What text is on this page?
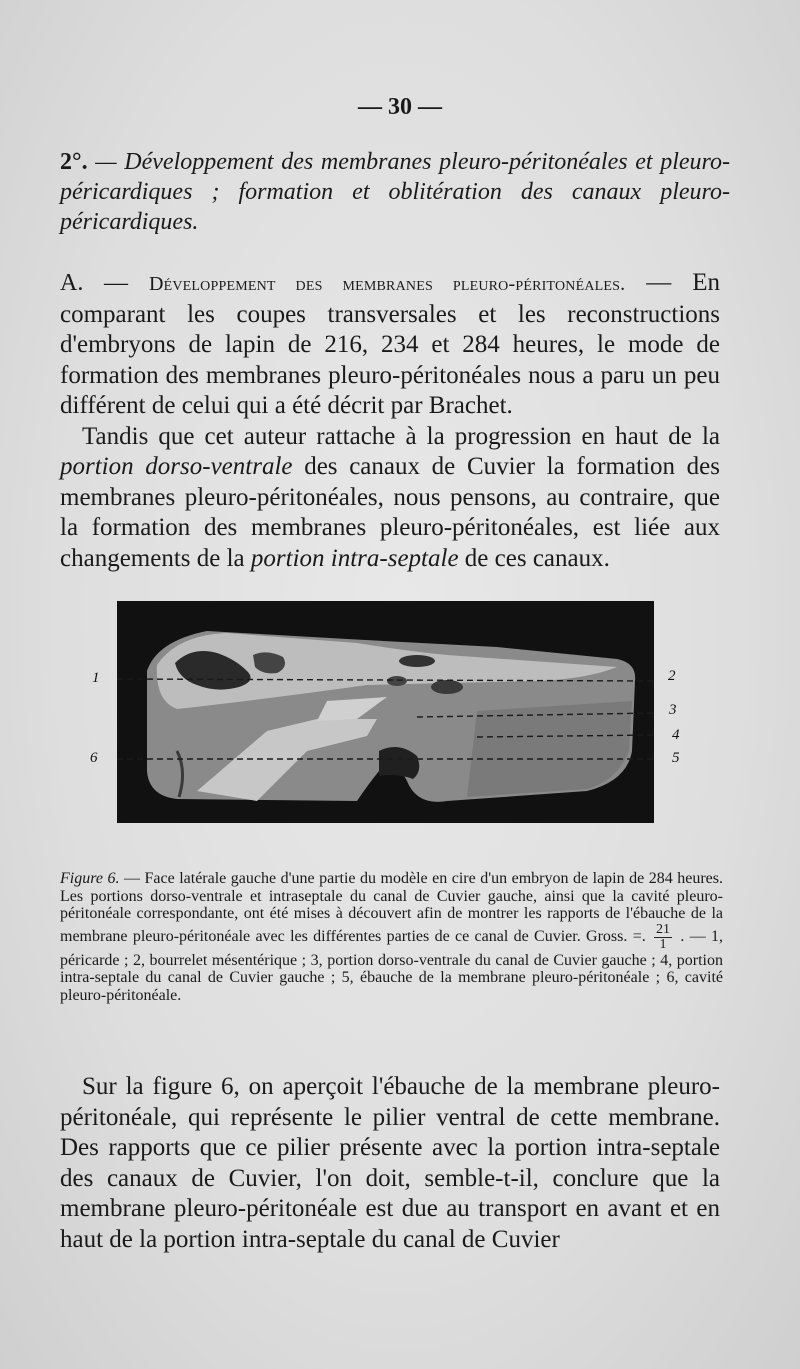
— 30 —
2°. — Développement des membranes pleuro-péritonéales et pleuro-péricardiques ; formation et oblitération des canaux pleuro-péricardiques.
A. — Développement des membranes pleuro-péritonéales. — En comparant les coupes transversales et les reconstructions d'embryons de lapin de 216, 234 et 284 heures, le mode de formation des membranes pleuro-péritonéales nous a paru un peu différent de celui qui a été décrit par Brachet.
Tandis que cet auteur rattache à la progression en haut de la portion dorso-ventrale des canaux de Cuvier la formation des membranes pleuro-péritonéales, nous pensons, au contraire, que la formation des membranes pleuro-péritonéales, est liée aux changements de la portion intra-septale de ces canaux.
1	2
3
4
5
6
Figure 6. — Face latérale gauche d'une partie du modèle en cire d'un embryon de lapin de 284 heures. Les portions dorso-ventrale et intraseptale du canal de Cuvier gauche, ainsi que la cavité pleuro-péritonéale correspondante, ont été mises à découvert afin de montrer les rapports de l'ébauche de la membrane pleuro-péritonéale avec les différentes parties de ce canal de Cuvier. Gross. =. $\frac{21}{1}$ . — 1, péricarde ; 2, bourrelet mésentérique ; 3, portion dorso-ventrale du canal de Cuvier gauche ; 4, portion intra-septale du canal de Cuvier gauche ; 5, ébauche de la membrane pleuro-péritonéale ; 6, cavité pleuro-péritonéale.
Sur la figure 6, on aperçoit l'ébauche de la membrane pleuro-péritonéale, qui représente le pilier ventral de cette membrane. Des rapports que ce pilier présente avec la portion intra-septale des canaux de Cuvier, l'on doit, semble-t-il, conclure que la membrane pleuro-péritonéale est due au transport en avant et en haut de la portion intra-septale du canal de Cuvier
